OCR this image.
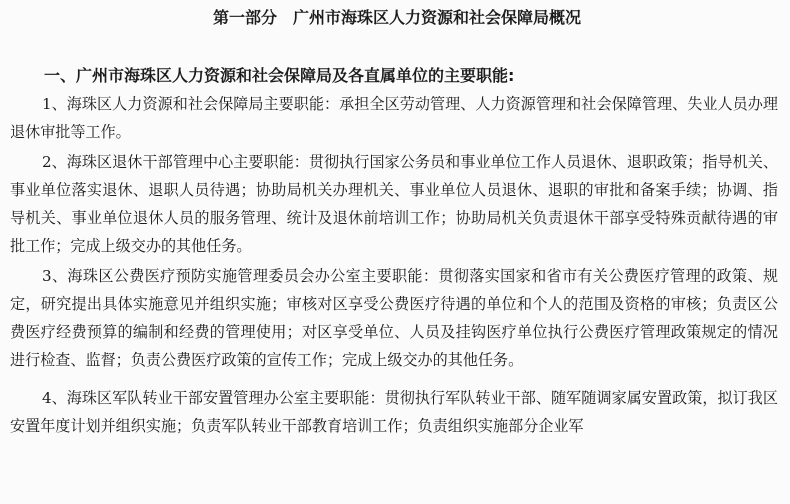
第一部分　广州市海珠区人力资源和社会保障局概况
一、广州市海珠区人力资源和社会保障局及各直属单位的主要职能:

1、海珠区人力资源和社会保障局主要职能：承担全区劳动管理、人力资源管理和社会保障管理、失业人员办理退休审批等工作。

2、海珠区退休干部管理中心主要职能：贯彻执行国家公务员和事业单位工作人员退休、退职政策；指导机关、事业单位落实退休、退职人员待遇；协助局机关办理机关、事业单位人员退休、退职的审批和备案手续；协调、指导机关、事业单位退休人员的服务管理、统计及退休前培训工作；协助局机关负责退休干部享受特殊贡献待遇的审批工作；完成上级交办的其他任务。

3、海珠区公费医疗预防实施管理委员会办公室主要职能：贯彻落实国家和省市有关公费医疗管理的政策、规定，研究提出具体实施意见并组织实施；审核对区享受公费医疗待遇的单位和个人的范围及资格的审核；负责区公费医疗经费预算的编制和经费的管理使用；对区享受单位、人员及挂钩医疗单位执行公费医疗管理政策规定的情况进行检查、监督；负责公费医疗政策的宣传工作；完成上级交办的其他任务。

4、海珠区军队转业干部安置管理办公室主要职能：贯彻执行军队转业干部、随军随调家属安置政策，拟订我区安置年度计划并组织实施；负责军队转业干部教育培训工作；负责组织实施部分企业军
